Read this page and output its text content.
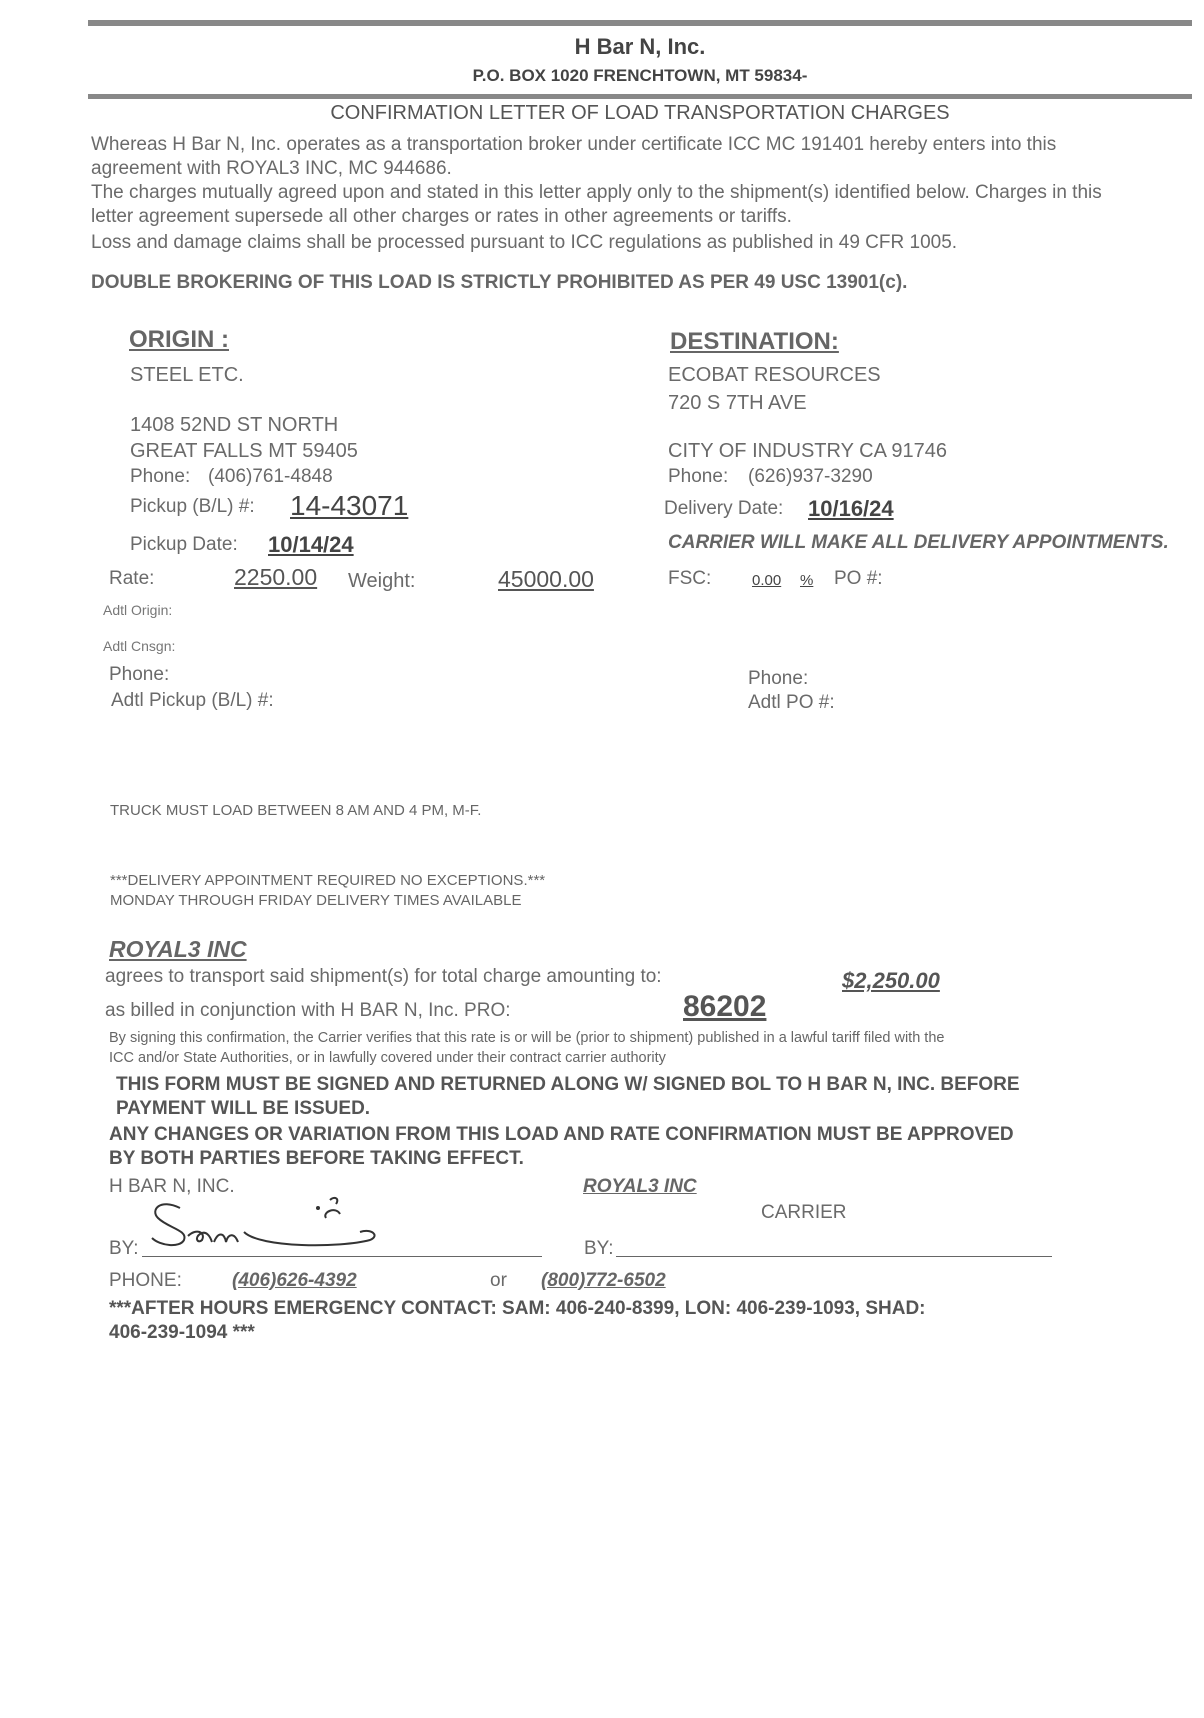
H Bar N, Inc.
P.O. BOX 1020 FRENCHTOWN, MT 59834-
CONFIRMATION LETTER OF LOAD TRANSPORTATION CHARGES
Whereas H Bar N, Inc. operates as a transportation broker under certificate ICC MC 191401 hereby enters into this
agreement with ROYAL3 INC, MC 944686.
The charges mutually agreed upon and stated in this letter apply only to the shipment(s) identified below. Charges in this
letter agreement supersede all other charges or rates in other agreements or tariffs.
Loss and damage claims shall be processed pursuant to ICC regulations as published in 49 CFR 1005.
DOUBLE BROKERING OF THIS LOAD IS STRICTLY PROHIBITED AS PER 49 USC 13901(c).
ORIGIN :
STEEL ETC.
1408 52ND ST NORTH
GREAT FALLS MT 59405
Phone: (406)761-4848
Pickup (B/L) #: 14-43071
Pickup Date: 10/14/24
DESTINATION:
ECOBAT RESOURCES
720 S 7TH AVE
CITY OF INDUSTRY CA 91746
Phone: (626)937-3290
Delivery Date: 10/16/24
CARRIER WILL MAKE ALL DELIVERY APPOINTMENTS.
Rate:	2250.00 Weight:	45000.00	FSC:	0.00 % PO #:
Adtl Origin:
Adtl Cnsgn:
Phone:
Adtl Pickup (B/L) #:
Phone:
Adtl PO #:
TRUCK MUST LOAD BETWEEN 8 AM AND 4 PM, M-F.
***DELIVERY APPOINTMENT REQUIRED NO EXCEPTIONS.***
MONDAY THROUGH FRIDAY DELIVERY TIMES AVAILABLE
ROYAL3 INC
agrees to transport said shipment(s) for total charge amounting to:	$2,250.00
as billed in conjunction with H BAR N, Inc. PRO:	86202
By signing this confirmation, the Carrier verifies that this rate is or will be (prior to shipment) published in a lawful tariff filed with the
ICC and/or State Authorities, or in lawfully covered under their contract carrier authority
THIS FORM MUST BE SIGNED AND RETURNED ALONG W/ SIGNED BOL TO H BAR N, INC. BEFORE
PAYMENT WILL BE ISSUED.
ANY CHANGES OR VARIATION FROM THIS LOAD AND RATE CONFIRMATION MUST BE APPROVED
BY BOTH PARTIES BEFORE TAKING EFFECT.
H BAR N, INC.	ROYAL3 INC
CARRIER
BY:	BY:
PHONE:	(406)626-4392	or (800)772-6502
***AFTER HOURS EMERGENCY CONTACT: SAM: 406-240-8399, LON: 406-239-1093, SHAD:
406-239-1094 ***
